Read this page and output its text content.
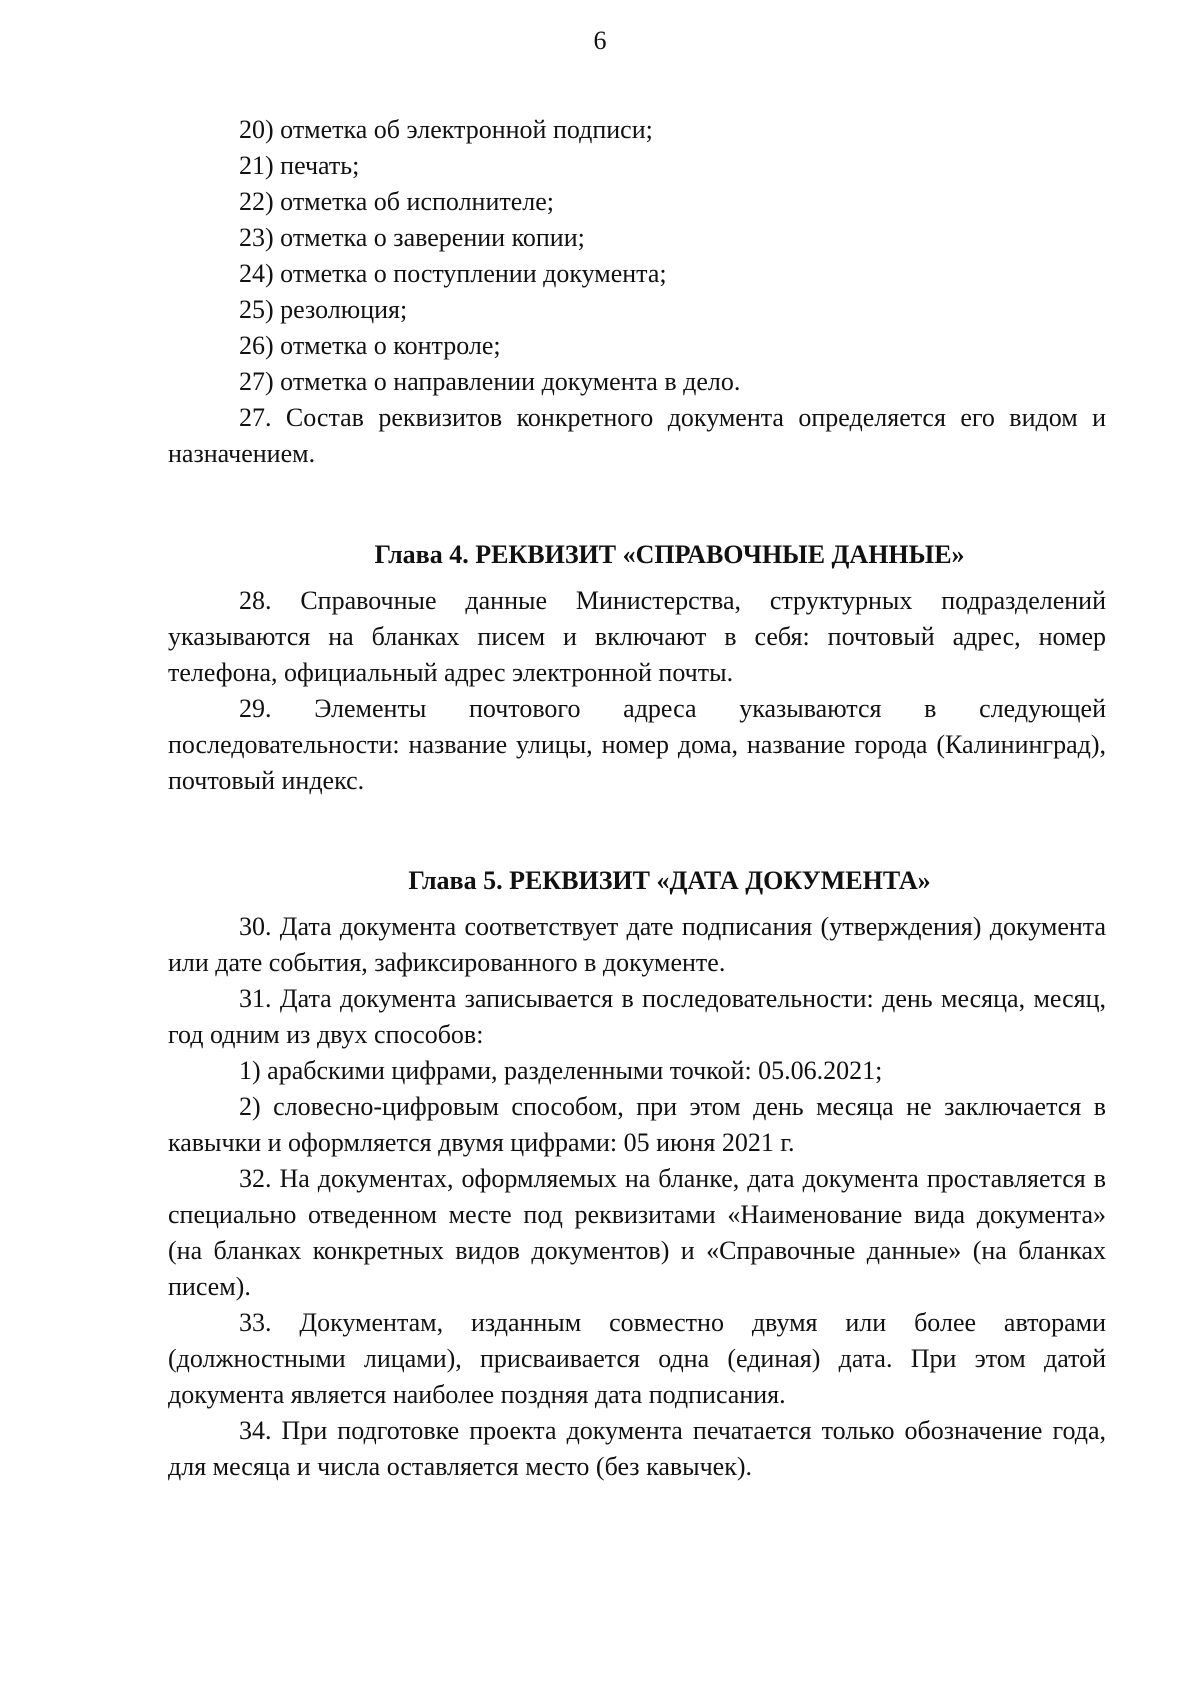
6

20) отметка об электронной подписи;

21) печать;

22) отметка об исполнителе;

23) отметка о заверении копии;

24) отметка о поступлении документа;

25) резолюция;

26) отметка о контроле;

27) отметка о направлении документа в дело.

27. Состав реквизитов конкретного документа определяется его видом и назначением.

Глава 4. РЕКВИЗИТ «СПРАВОЧНЫЕ ДАННЫЕ»

28. Справочные данные Министерства, структурных подразделений указываются на бланках писем и включают в себя: почтовый адрес, номер телефона, официальный адрес электронной почты.

29. Элементы почтового адреса указываются в следующей последовательности: название улицы, номер дома, название города (Калининград), почтовый индекс.

Глава 5. РЕКВИЗИТ «ДАТА ДОКУМЕНТА»

30. Дата документа соответствует дате подписания (утверждения) документа или дате события, зафиксированного в документе.

31. Дата документа записывается в последовательности: день месяца, месяц, год одним из двух способов:

1) арабскими цифрами, разделенными точкой: 05.06.2021;

2) словесно-цифровым способом, при этом день месяца не заключается в кавычки и оформляется двумя цифрами: 05 июня 2021 г.

32. На документах, оформляемых на бланке, дата документа проставляется в специально отведенном месте под реквизитами «Наименование вида документа» (на бланках конкретных видов документов) и «Справочные данные» (на бланках писем).

33. Документам, изданным совместно двумя или более авторами (должностными лицами), присваивается одна (единая) дата. При этом датой документа является наиболее поздняя дата подписания.

34. При подготовке проекта документа печатается только обозначение года, для месяца и числа оставляется место (без кавычек).
